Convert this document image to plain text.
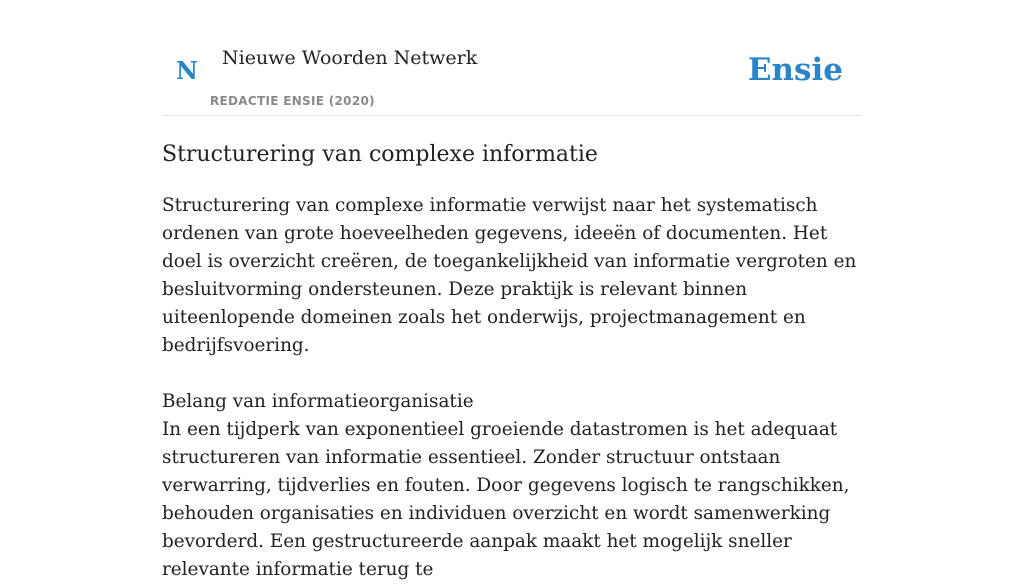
N Nieuwe Woorden Netwerk
REDACTIE ENSIE (2020)
Ensie
Structurering van complexe informatie

Structurering van complexe informatie verwijst naar het systematisch ordenen van grote hoeveelheden gegevens, ideeën of documenten. Het doel is overzicht creëren, de toegankelijkheid van informatie vergroten en besluitvorming ondersteunen. Deze praktijk is relevant binnen uiteenlopende domeinen zoals het onderwijs, projectmanagement en bedrijfsvoering.

Belang van informatieorganisatie
In een tijdperk van exponentieel groeiende datastromen is het adequaat structureren van informatie essentieel. Zonder structuur ontstaan verwarring, tijdverlies en fouten. Door gegevens logisch te rangschikken, behouden organisaties en individuen overzicht en wordt samenwerking bevorderd. Een gestructureerde aanpak maakt het mogelijk sneller relevante informatie terug te
